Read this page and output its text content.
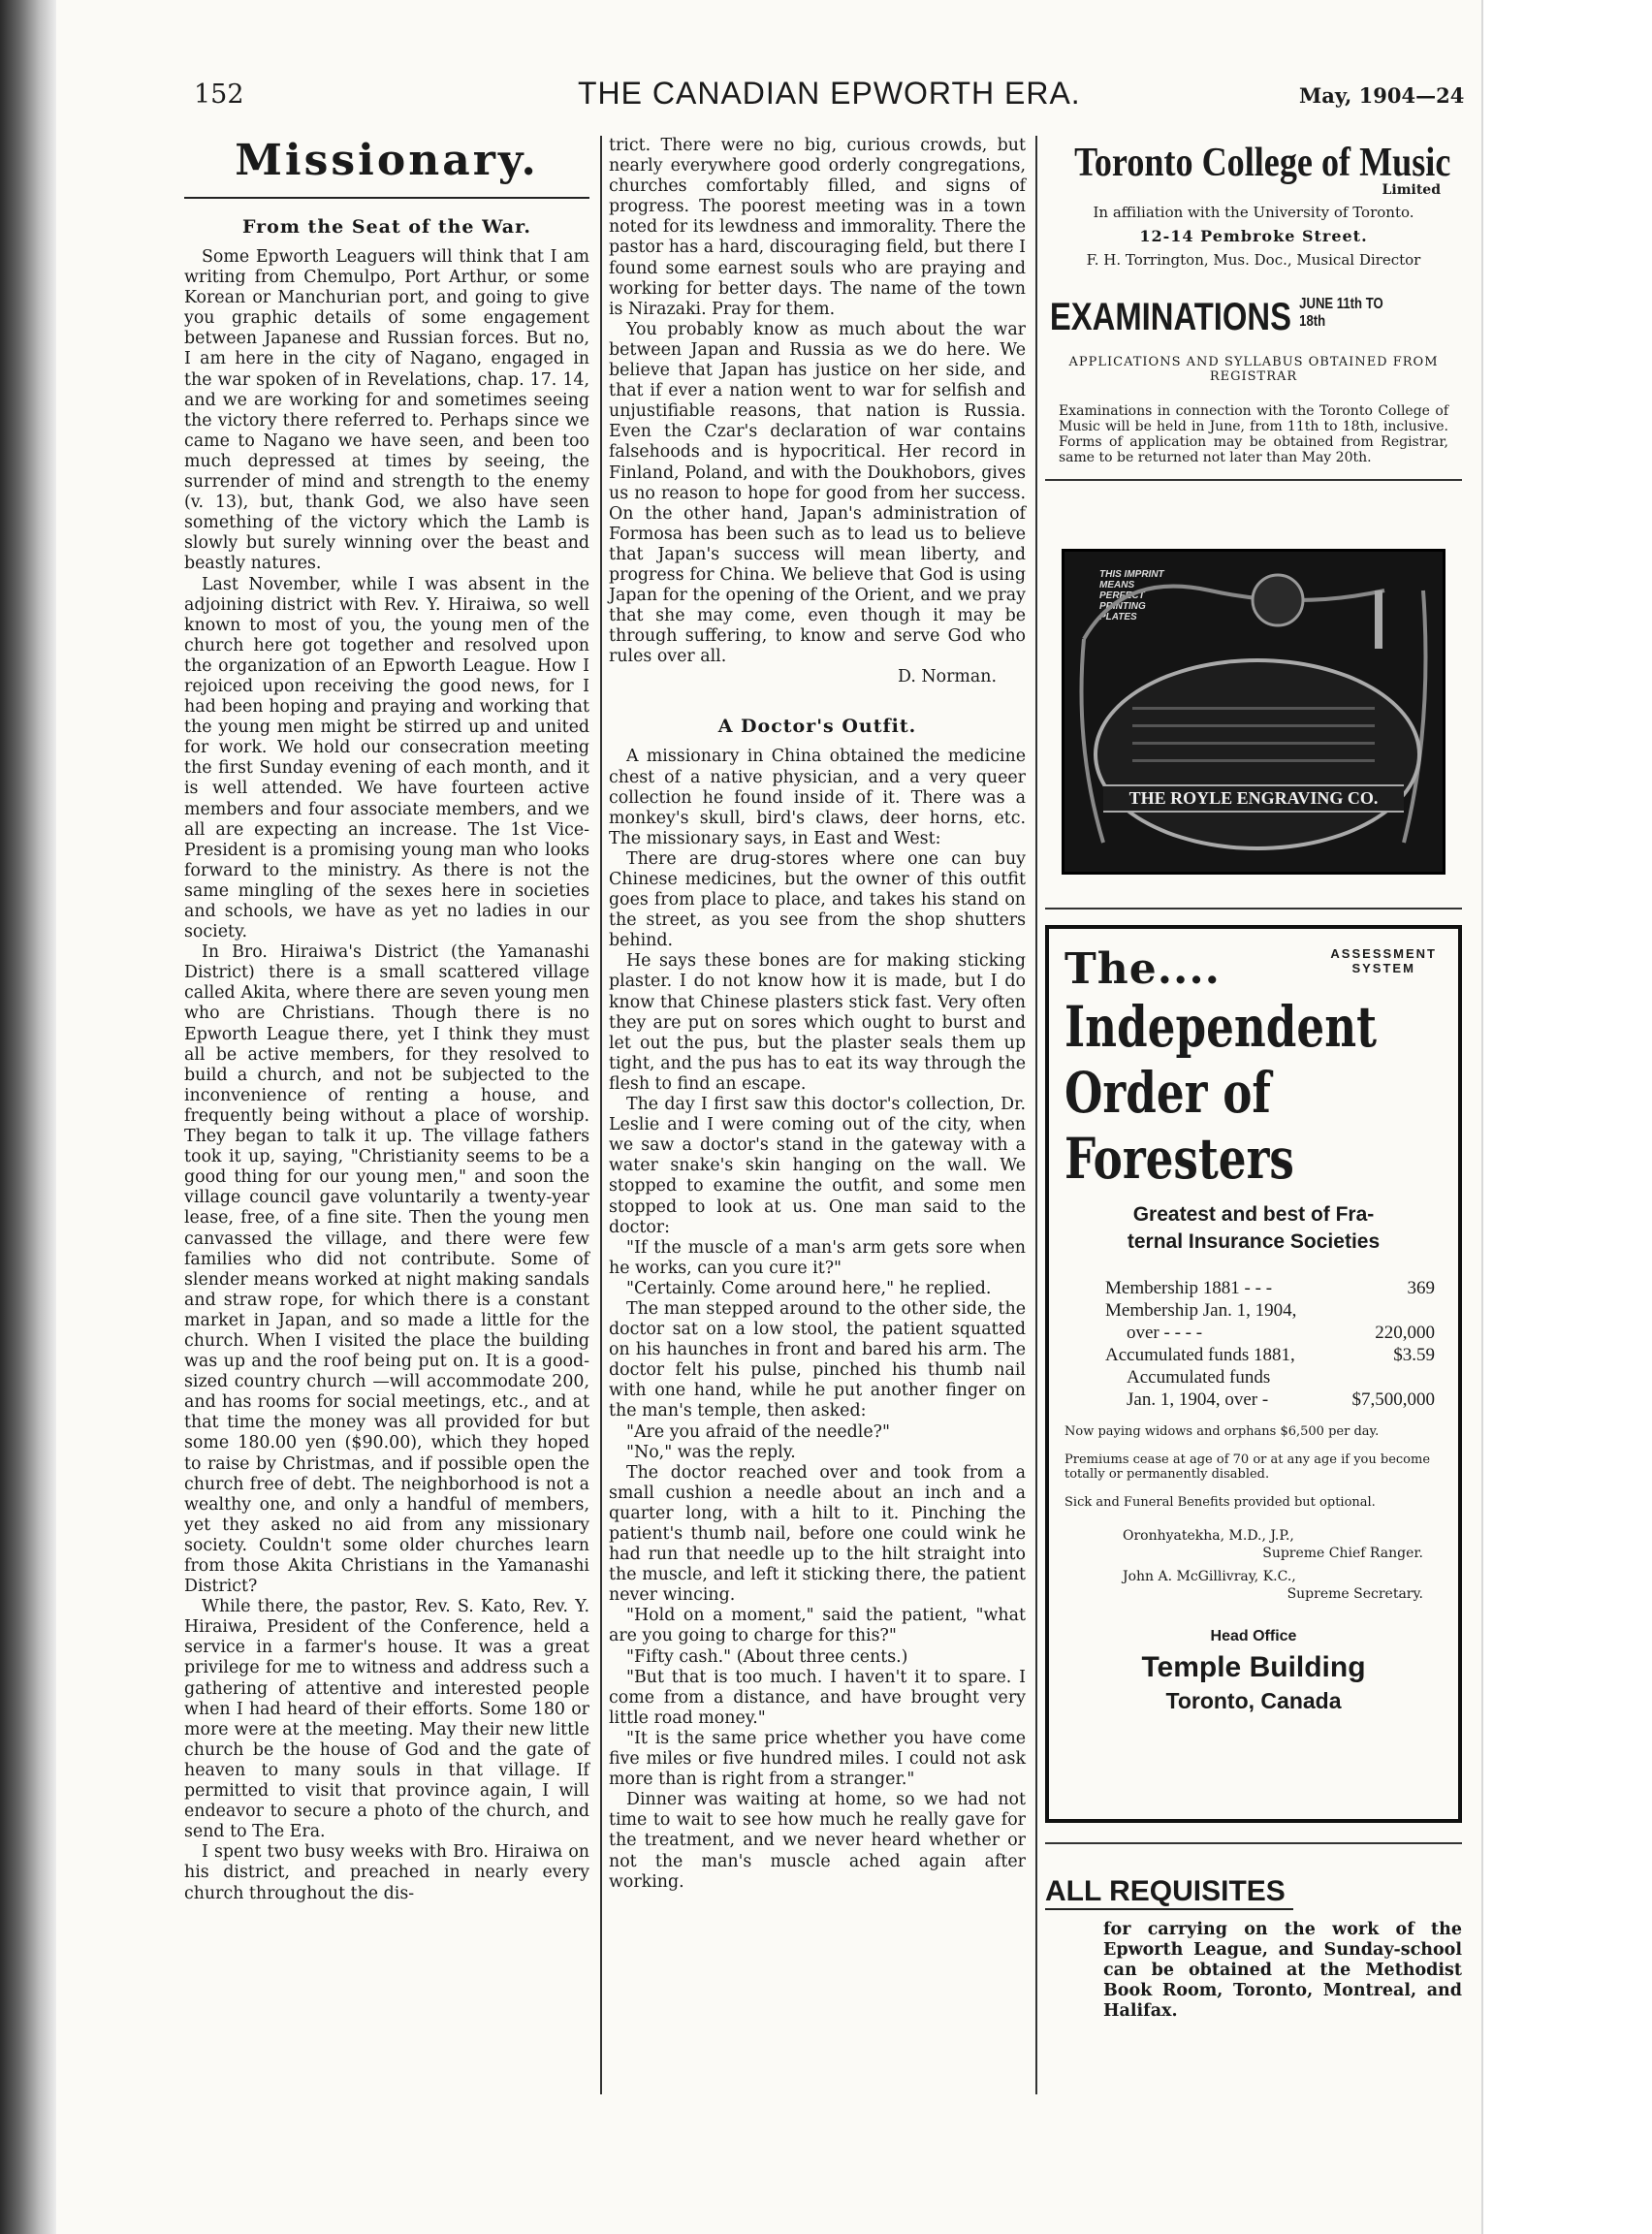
152	THE CANADIAN EPWORTH ERA.	May, 1904—24
Missionary.
From the Seat of the War.

Some Epworth Leaguers will think that I am writing from Chemulpo, Port Arthur, or some Korean or Manchurian port, and going to give you graphic details of some engagement between Japanese and Russian forces. But no, I am here in the city of Nagano, engaged in the war spoken of in Revelations, chap. 17. 14, and we are working for and sometimes seeing the victory there referred to. Perhaps since we came to Nagano we have seen, and been too much depressed at times by seeing, the surrender of mind and strength to the enemy (v. 13), but, thank God, we also have seen something of the victory which the Lamb is slowly but surely winning over the beast and beastly natures.

Last November, while I was absent in the adjoining district with Rev. Y. Hiraiwa, so well known to most of you, the young men of the church here got together and resolved upon the organization of an Epworth League. How I rejoiced upon receiving the good news, for I had been hoping and praying and working that the young men might be stirred up and united for work. We hold our consecration meeting the first Sunday evening of each month, and it is well attended. We have fourteen active members and four associate members, and we all are expecting an increase. The 1st Vice-President is a promising young man who looks forward to the ministry. As there is not the same mingling of the sexes here in societies and schools, we have as yet no ladies in our society.

In Bro. Hiraiwa's District (the Yamanashi District) there is a small scattered village called Akita, where there are seven young men who are Christians. Though there is no Epworth League there, yet I think they must all be active members, for they resolved to build a church, and not be subjected to the inconvenience of renting a house, and frequently being without a place of worship. They began to talk it up. The village fathers took it up, saying, "Christianity seems to be a good thing for our young men," and soon the village council gave voluntarily a twenty-year lease, free, of a fine site. Then the young men canvassed the village, and there were few families who did not contribute. Some of slender means worked at night making sandals and straw rope, for which there is a constant market in Japan, and so made a little for the church. When I visited the place the building was up and the roof being put on. It is a good-sized country church —will accommodate 200, and has rooms for social meetings, etc., and at that time the money was all provided for but some 180.00 yen ($90.00), which they hoped to raise by Christmas, and if possible open the church free of debt. The neighborhood is not a wealthy one, and only a handful of members, yet they asked no aid from any missionary society. Couldn't some older churches learn from those Akita Christians in the Yamanashi District?

While there, the pastor, Rev. S. Kato, Rev. Y. Hiraiwa, President of the Conference, held a service in a farmer's house. It was a great privilege for me to witness and address such a gathering of attentive and interested people when I had heard of their efforts. Some 180 or more were at the meeting. May their new little church be the house of God and the gate of heaven to many souls in that village. If permitted to visit that province again, I will endeavor to secure a photo of the church, and send to The Era.

I spent two busy weeks with Bro. Hiraiwa on his district, and preached in nearly every church throughout the dis-

trict. There were no big, curious crowds, but nearly everywhere good orderly congregations, churches comfortably filled, and signs of progress. The poorest meeting was in a town noted for its lewdness and immorality. There the pastor has a hard, discouraging field, but there I found some earnest souls who are praying and working for better days. The name of the town is Nirazaki. Pray for them.

You probably know as much about the war between Japan and Russia as we do here. We believe that Japan has justice on her side, and that if ever a nation went to war for selfish and unjustifiable reasons, that nation is Russia. Even the Czar's declaration of war contains falsehoods and is hypocritical. Her record in Finland, Poland, and with the Doukhobors, gives us no reason to hope for good from her success. On the other hand, Japan's administration of Formosa has been such as to lead us to believe that Japan's success will mean liberty, and progress for China. We believe that God is using Japan for the opening of the Orient, and we pray that she may come, even though it may be through suffering, to know and serve God who rules over all.

D. Norman.
A Doctor's Outfit.

A missionary in China obtained the medicine chest of a native physician, and a very queer collection he found inside of it. There was a monkey's skull, bird's claws, deer horns, etc. The missionary says, in East and West:

There are drug-stores where one can buy Chinese medicines, but the owner of this outfit goes from place to place, and takes his stand on the street, as you see from the shop shutters behind.

He says these bones are for making sticking plaster. I do not know how it is made, but I do know that Chinese plasters stick fast. Very often they are put on sores which ought to burst and let out the pus, but the plaster seals them up tight, and the pus has to eat its way through the flesh to find an escape.

The day I first saw this doctor's collection, Dr. Leslie and I were coming out of the city, when we saw a doctor's stand in the gateway with a water snake's skin hanging on the wall. We stopped to examine the outfit, and some men stopped to look at us. One man said to the doctor:

"If the muscle of a man's arm gets sore when he works, can you cure it?"

"Certainly. Come around here," he replied.

The man stepped around to the other side, the doctor sat on a low stool, the patient squatted on his haunches in front and bared his arm. The doctor felt his pulse, pinched his thumb nail with one hand, while he put another finger on the man's temple, then asked:

"Are you afraid of the needle?"

"No," was the reply.

The doctor reached over and took from a small cushion a needle about an inch and a quarter long, with a hilt to it. Pinching the patient's thumb nail, before one could wink he had run that needle up to the hilt straight into the muscle, and left it sticking there, the patient never wincing.

"Hold on a moment," said the patient, "what are you going to charge for this?"

"Fifty cash." (About three cents.)

"But that is too much. I haven't it to spare. I come from a distance, and have brought very little road money."

"It is the same price whether you have come five miles or five hundred miles. I could not ask more than is right from a stranger."

Dinner was waiting at home, so we had not time to wait to see how much he really gave for the treatment, and we never heard whether or not the man's muscle ached again after working.

Toronto College of Music
Limited
In affiliation with the University of Toronto.
12-14 Pembroke Street.
F. H. Torrington, Mus. Doc., Musical Director
EXAMINATIONS JUNE 11th TO
18th
APPLICATIONS AND SYLLABUS OBTAINED FROM REGISTRAR
Examinations in connection with the Toronto College of Music will be held in June, from 11th to 18th, inclusive. Forms of application may be obtained from Registrar, same to be returned not later than May 20th.
THIS IMPRINT
MEANS
PERFECT
PRINTING
PLATES
THE ROYLE ENGRAVING CO.
ASSESSMENT
SYSTEM
The....
Independent
Order of
Foresters
Greatest and best of Fra-
ternal Insurance Societies
Membership 1881 - - -	369
Membership Jan. 1, 1904,
over - - - -	220,000
Accumulated funds 1881,	$3.59
Accumulated funds
Jan. 1, 1904, over -	$7,500,000
Now paying widows and orphans $6,500 per day.
Premiums cease at age of 70 or at any age if you become totally or permanently disabled.
Sick and Funeral Benefits provided but optional.
Oronhyatekha, M.D., J.P.,
Supreme Chief Ranger.
John A. McGillivray, K.C.,
Supreme Secretary.
Head Office
Temple Building
Toronto, Canada
ALL REQUISITES
for carrying on the work of the Epworth League, and Sunday-school can be obtained at the Methodist Book Room, Toronto, Montreal, and Halifax.
